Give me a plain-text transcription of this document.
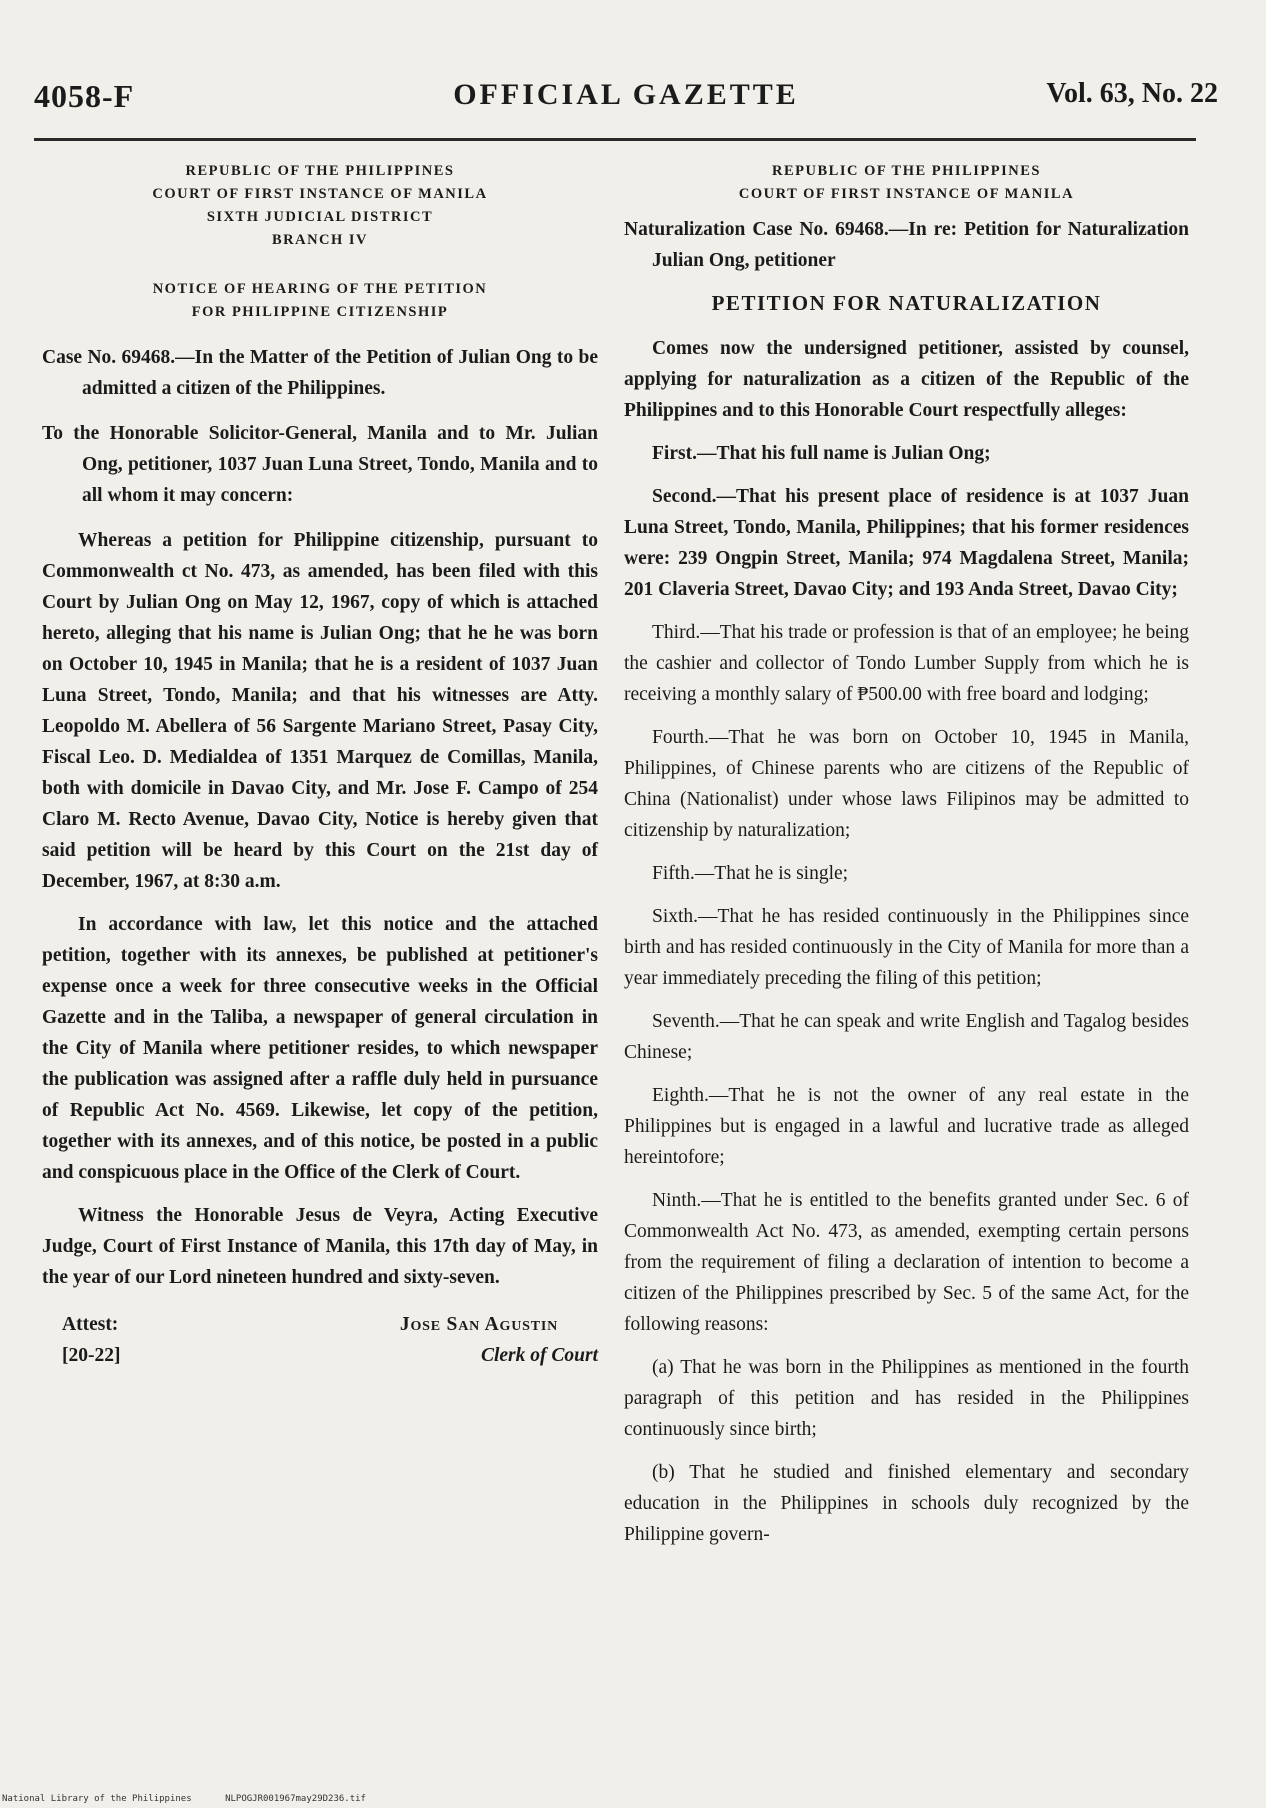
4058-F	OFFICIAL GAZETTE	Vol. 63, No. 22
REPUBLIC OF THE PHILIPPINES
COURT OF FIRST INSTANCE OF MANILA
SIXTH JUDICIAL DISTRICT
BRANCH IV
NOTICE OF HEARING OF THE PETITION
FOR PHILIPPINE CITIZENSHIP

Case No. 69468.—In the Matter of the Petition of Julian Ong to be admitted a citizen of the Philippines.

To the Honorable Solicitor-General, Manila and to Mr. Julian Ong, petitioner, 1037 Juan Luna Street, Tondo, Manila and to all whom it may concern:

Whereas a petition for Philippine citizenship, pursuant to Commonwealth ct No. 473, as amended, has been filed with this Court by Julian Ong on May 12, 1967, copy of which is attached hereto, alleging that his name is Julian Ong; that he he was born on October 10, 1945 in Manila; that he is a resident of 1037 Juan Luna Street, Tondo, Manila; and that his witnesses are Atty. Leopoldo M. Abellera of 56 Sargente Mariano Street, Pasay City, Fiscal Leo. D. Medialdea of 1351 Marquez de Comillas, Manila, both with domicile in Davao City, and Mr. Jose F. Campo of 254 Claro M. Recto Avenue, Davao City, Notice is hereby given that said petition will be heard by this Court on the 21st day of December, 1967, at 8:30 a.m.

In accordance with law, let this notice and the attached petition, together with its annexes, be published at petitioner's expense once a week for three consecutive weeks in the Official Gazette and in the Taliba, a newspaper of general circulation in the City of Manila where petitioner resides, to which newspaper the publication was assigned after a raffle duly held in pursuance of Republic Act No. 4569. Likewise, let copy of the petition, together with its annexes, and of this notice, be posted in a public and conspicuous place in the Office of the Clerk of Court.

Witness the Honorable Jesus de Veyra, Acting Executive Judge, Court of First Instance of Manila, this 17th day of May, in the year of our Lord nineteen hundred and sixty-seven.

Attest:
[20-22]
Jose San Agustin
Clerk of Court
REPUBLIC OF THE PHILIPPINES
COURT OF FIRST INSTANCE OF MANILA

Naturalization Case No. 69468.—In re: Petition for Naturalization Julian Ong, petitioner

PETITION FOR NATURALIZATION

Comes now the undersigned petitioner, assisted by counsel, applying for naturalization as a citizen of the Republic of the Philippines and to this Honorable Court respectfully alleges:

First.—That his full name is Julian Ong;

Second.—That his present place of residence is at 1037 Juan Luna Street, Tondo, Manila, Philippines; that his former residences were: 239 Ongpin Street, Manila; 974 Magdalena Street, Manila; 201 Claveria Street, Davao City; and 193 Anda Street, Davao City;

Third.—That his trade or profession is that of an employee; he being the cashier and collector of Tondo Lumber Supply from which he is receiving a monthly salary of ₱500.00 with free board and lodging;

Fourth.—That he was born on October 10, 1945 in Manila, Philippines, of Chinese parents who are citizens of the Republic of China (Nationalist) under whose laws Filipinos may be admitted to citizenship by naturalization;

Fifth.—That he is single;

Sixth.—That he has resided continuously in the Philippines since birth and has resided continuously in the City of Manila for more than a year immediately preceding the filing of this petition;

Seventh.—That he can speak and write English and Tagalog besides Chinese;

Eighth.—That he is not the owner of any real estate in the Philippines but is engaged in a lawful and lucrative trade as alleged hereintofore;

Ninth.—That he is entitled to the benefits granted under Sec. 6 of Commonwealth Act No. 473, as amended, exempting certain persons from the requirement of filing a declaration of intention to become a citizen of the Philippines prescribed by Sec. 5 of the same Act, for the following reasons:

(a) That he was born in the Philippines as mentioned in the fourth paragraph of this petition and has resided in the Philippines continuously since birth;

(b) That he studied and finished elementary and secondary education in the Philippines in schools duly recognized by the Philippine govern-

National Library of the Philippines	NLPOGJR001967may29D236.tif
